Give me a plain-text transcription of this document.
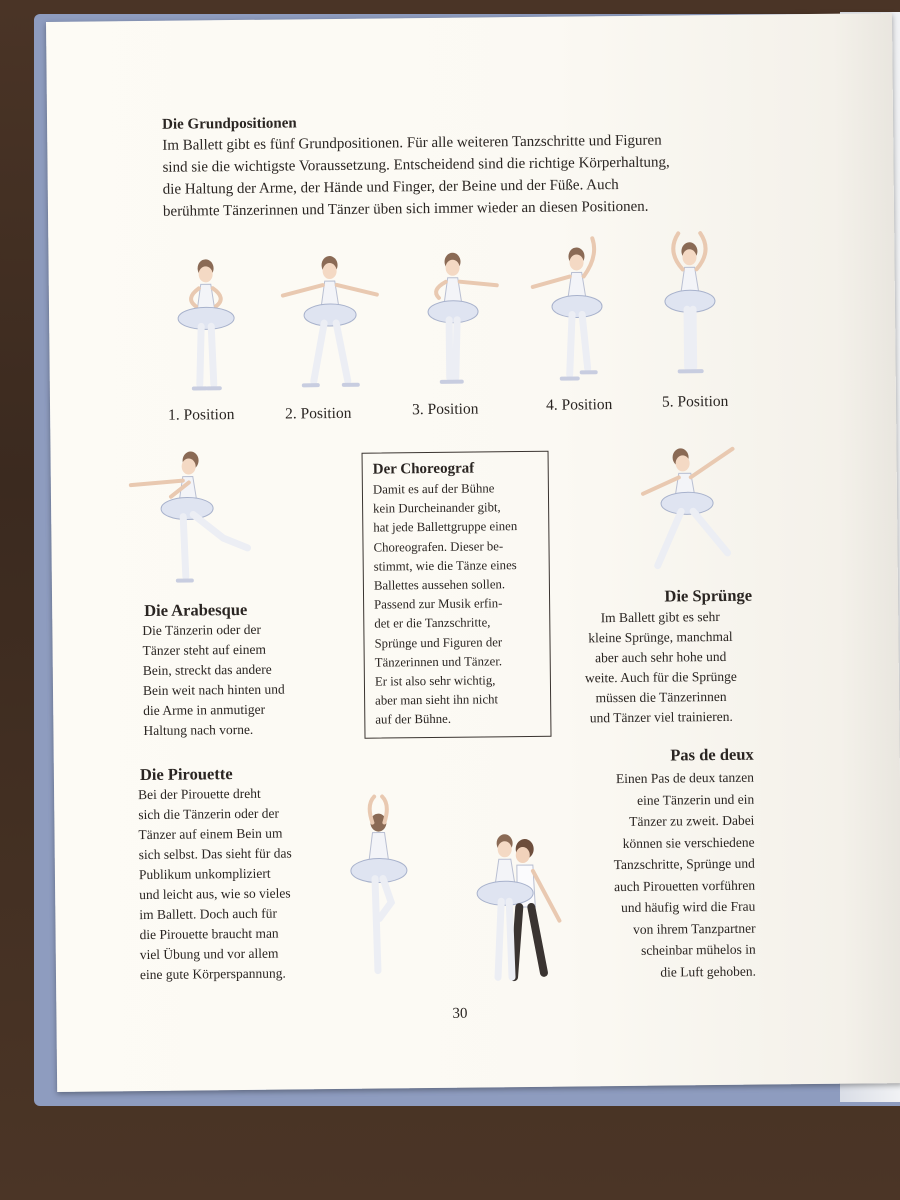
Die Grundpositionen
Im Ballett gibt es fünf Grundpositionen. Für alle weiteren Tanzschritte und Figuren
sind sie die wichtigste Voraussetzung. Entscheidend sind die richtige Körperhaltung,
die Haltung der Arme, der Hände und Finger, der Beine und der Füße. Auch
berühmte Tänzerinnen und Tänzer üben sich immer wieder an diesen Positionen.
1. Position	2. Position	3. Position	4. Position	5. Position
Die Arabesque
Die Tänzerin oder der
Tänzer steht auf einem
Bein, streckt das andere
Bein weit nach hinten und
die Arme in anmutiger
Haltung nach vorne.
Der Choreograf
Damit es auf der Bühne
kein Durcheinander gibt,
hat jede Ballettgruppe einen
Choreografen. Dieser be-
stimmt, wie die Tänze eines
Ballettes aussehen sollen.
Passend zur Musik erfin-
det er die Tanzschritte,
Sprünge und Figuren der
Tänzerinnen und Tänzer.
Er ist also sehr wichtig,
aber man sieht ihn nicht
auf der Bühne.
Die Sprünge
Im Ballett gibt es sehr
kleine Sprünge, manchmal
aber auch sehr hohe und
weite. Auch für die Sprünge
müssen die Tänzerinnen
und Tänzer viel trainieren.
Die Pirouette
Bei der Pirouette dreht
sich die Tänzerin oder der
Tänzer auf einem Bein um
sich selbst. Das sieht für das
Publikum unkompliziert
und leicht aus, wie so vieles
im Ballett. Doch auch für
die Pirouette braucht man
viel Übung und vor allem
eine gute Körperspannung.
Pas de deux
Einen Pas de deux tanzen
eine Tänzerin und ein
Tänzer zu zweit. Dabei
können sie verschiedene
Tanzschritte, Sprünge und
auch Pirouetten vorführen
und häufig wird die Frau
von ihrem Tanzpartner
scheinbar mühelos in
die Luft gehoben.
30
